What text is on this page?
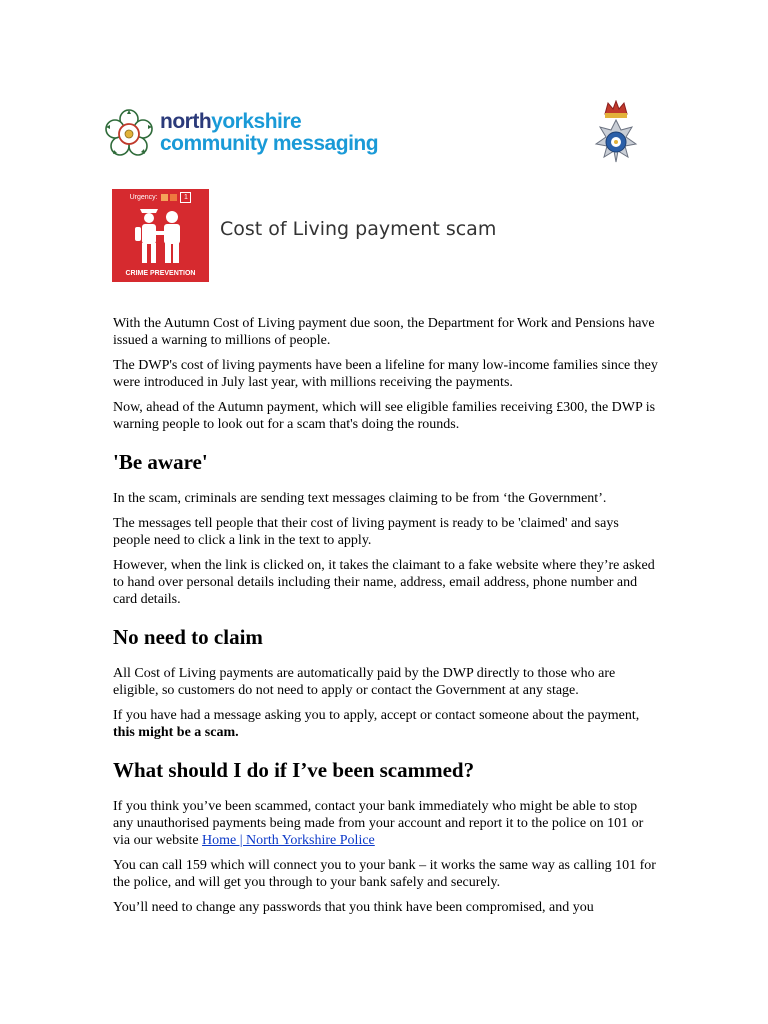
northyorkshire
community messaging
Urgency:	1
CRIME PREVENTION
Cost of Living payment scam

With the Autumn Cost of Living payment due soon, the Department for Work and Pensions have issued a warning to millions of people.

The DWP's cost of living payments have been a lifeline for many low-income families since they were introduced in July last year, with millions receiving the payments.

Now, ahead of the Autumn payment, which will see eligible families receiving £300, the DWP is warning people to look out for a scam that's doing the rounds.

'Be aware'

In the scam, criminals are sending text messages claiming to be from ‘the Government’.

The messages tell people that their cost of living payment is ready to be 'claimed' and says people need to click a link in the text to apply.

However, when the link is clicked on, it takes the claimant to a fake website where they’re asked to hand over personal details including their name, address, email address, phone number and card details.

No need to claim

All Cost of Living payments are automatically paid by the DWP directly to those who are eligible, so customers do not need to apply or contact the Government at any stage.

If you have had a message asking you to apply, accept or contact someone about the payment, this might be a scam.

What should I do if I’ve been scammed?

If you think you’ve been scammed, contact your bank immediately who might be able to stop any unauthorised payments being made from your account and report it to the police on 101 or via our website Home | North Yorkshire Police

You can call 159 which will connect you to your bank – it works the same way as calling 101 for the police, and will get you through to your bank safely and securely.

You’ll need to change any passwords that you think have been compromised, and you
